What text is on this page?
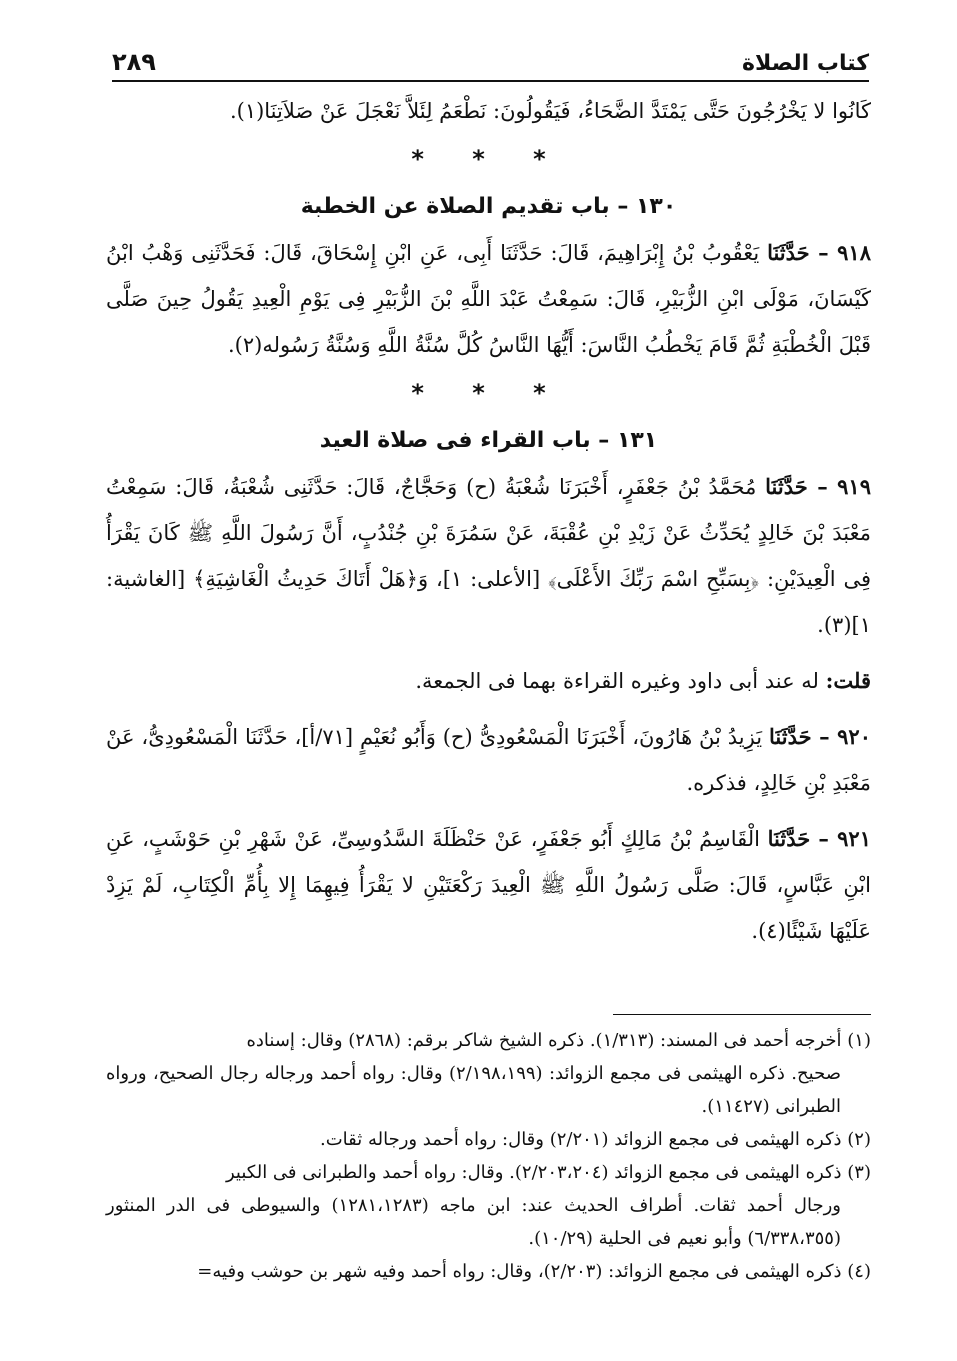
كتاب الصلاة
٢٨٩

كَانُوا لا يَخْرُجُونَ حَتَّى يَمْتَدَّ الضَّحَاءُ، فَيَقُولُونَ: نَطْعَمُ لِئَلاَّ نَعْجَلَ عَنْ صَلاَتِنَا(١).

* * *
١٣٠ – باب تقديم الصلاة عن الخطبة

٩١٨ – حَدَّثَنَا يَعْقُوبُ بْنُ إِبْرَاهِيمَ، قَالَ: حَدَّثَنَا أَبِى، عَنِ ابْنِ إِسْحَاقَ، قَالَ: فَحَدَّثَنِى وَهْبُ ابْنُ كَيْسَانَ، مَوْلَى ابْنِ الزُّبَيْرِ، قَالَ: سَمِعْتُ عَبْدَ اللَّهِ بْنَ الزُّبَيْرِ فِى يَوْمِ الْعِيدِ يَقُولُ حِينَ صَلَّى قَبْلَ الْخُطْبَةِ ثُمَّ قَامَ يَخْطُبُ النَّاسَ: أَيُّهَا النَّاسُ كُلَّ سُنَّةُ اللَّهِ وَسُنَّةُ رَسُوله(٢).

* * *
١٣١ – باب القراء فى صلاة العيد

٩١٩ – حَدَّثَنَا مُحَمَّدُ بْنُ جَعْفَرٍ، أَخْبَرَنَا شُعْبَةُ (ح) وَحَجَّاجٌ، قَالَ: حَدَّثَنِى شُعْبَةُ، قَالَ: سَمِعْتُ مَعْبَدَ بْنَ خَالِدٍ يُحَدِّثُ عَنْ زَيْدِ بْنِ عُقْبَةَ، عَنْ سَمُرَةَ بْنِ جُنْدُبٍ، أَنَّ رَسُولَ اللَّهِ ﷺ كَانَ يَقْرَأُ فِى الْعِيدَيْنِ: ﴿بِسَبِّحِ اسْمَ رَبِّكَ الأَعْلَى﴾ [الأعلى: ١]، وَ﴿هَلْ أَتَاكَ حَدِيثُ الْغَاشِيَةِ﴾ [الغاشية: ١](٣).

قلت: له عند أبى داود وغيره القراءة بهما فى الجمعة.

٩٢٠ – حَدَّثَنَا يَزِيدُ بْنُ هَارُونَ، أَخْبَرَنَا الْمَسْعُودِىُّ (ح) وَأَبُو نُعَيْمٍ [٧١/أ]، حَدَّثَنَا الْمَسْعُودِىُّ، عَنْ مَعْبَدِ بْنِ خَالِدٍ، فذكره.

٩٢١ – حَدَّثَنَا الْقَاسِمُ بْنُ مَالِكٍ أَبُو جَعْفَرٍ، عَنْ حَنْظَلَةَ السَّدُوسِىِّ، عَنْ شَهْرِ بْنِ حَوْشَبٍ، عَنِ ابْنِ عَبَّاسٍ، قَالَ: صَلَّى رَسُولُ اللَّهِ ﷺ الْعِيدَ رَكْعَتَيْنِ لا يَقْرَأُ فِيهِمَا إِلا بِأُمِّ الْكِتَابِ، لَمْ يَزِدْ عَلَيْهَا شَيْئًا(٤).

(١) أخرجه أحمد فى المسند: (١/٣١٣). ذكره الشيخ شاكر برقم: (٢٨٦٨) وقال: إسناده
صحيح. ذكره الهيثمى فى مجمع الزوائد: (٢/١٩٨،١٩٩) وقال: رواه أحمد ورجاله رجال الصحيح، ورواه الطبرانى (١١٤٢٧).

(٢) ذكره الهيثمى فى مجمع الزوائد (٢/٢٠١) وقال: رواه أحمد ورجاله ثقات.

(٣) ذكره الهيثمى فى مجمع الزوائد (٢/٢٠٣،٢٠٤). وقال: رواه أحمد والطبرانى فى الكبير
ورجال أحمد ثقات. أطراف الحديث عند: ابن ماجه (١٢٨١،١٢٨٣) والسيوطى فى الدر المنثور (٦/٣٣٨،٣٥٥) وأبو نعيم فى الحلية (١٠/٢٩).

(٤) ذكره الهيثمى فى مجمع الزوائد: (٢/٢٠٣)، وقال: رواه أحمد وفيه شهر بن حوشب وفيه=
